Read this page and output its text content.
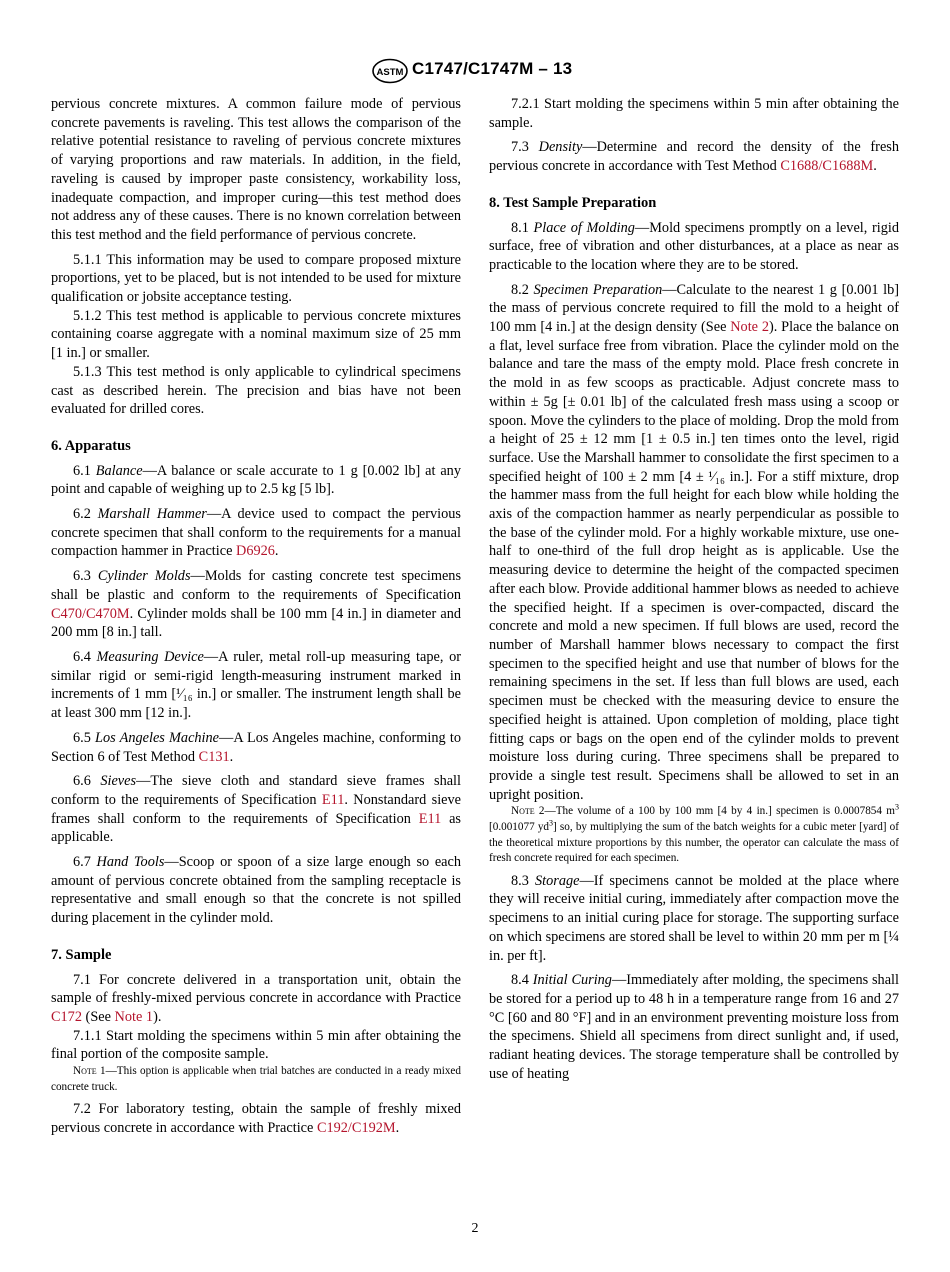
ASTM C1747/C1747M – 13

pervious concrete mixtures. A common failure mode of pervious concrete pavements is raveling. This test allows the comparison of the relative potential resistance to raveling of pervious concrete mixtures of varying proportions and raw materials. In addition, in the field, raveling is caused by improper paste consistency, workability loss, inadequate compaction, and improper curing—this test method does not address any of these causes. There is no known correlation between this test method and the field performance of pervious concrete.

5.1.1 This information may be used to compare proposed mixture proportions, yet to be placed, but is not intended to be used for mixture qualification or jobsite acceptance testing.

5.1.2 This test method is applicable to pervious concrete mixtures containing coarse aggregate with a nominal maximum size of 25 mm [1 in.] or smaller.

5.1.3 This test method is only applicable to cylindrical specimens cast as described herein. The precision and bias have not been evaluated for drilled cores.

6. Apparatus

6.1 Balance—A balance or scale accurate to 1 g [0.002 lb] at any point and capable of weighing up to 2.5 kg [5 lb].

6.2 Marshall Hammer—A device used to compact the pervious concrete specimen that shall conform to the requirements for a manual compaction hammer in Practice D6926.

6.3 Cylinder Molds—Molds for casting concrete test specimens shall be plastic and conform to the requirements of Specification C470/C470M. Cylinder molds shall be 100 mm [4 in.] in diameter and 200 mm [8 in.] tall.

6.4 Measuring Device—A ruler, metal roll-up measuring tape, or similar rigid or semi-rigid length-measuring instrument marked in increments of 1 mm [¹⁄₁₆ in.] or smaller. The instrument length shall be at least 300 mm [12 in.].

6.5 Los Angeles Machine—A Los Angeles machine, conforming to Section 6 of Test Method C131.

6.6 Sieves—The sieve cloth and standard sieve frames shall conform to the requirements of Specification E11. Nonstandard sieve frames shall conform to the requirements of Specification E11 as applicable.

6.7 Hand Tools—Scoop or spoon of a size large enough so each amount of pervious concrete obtained from the sampling receptacle is representative and small enough so that the concrete is not spilled during placement in the cylinder mold.

7. Sample

7.1 For concrete delivered in a transportation unit, obtain the sample of freshly-mixed pervious concrete in accordance with Practice C172 (See Note 1).

7.1.1 Start molding the specimens within 5 min after obtaining the final portion of the composite sample.

Note 1—This option is applicable when trial batches are conducted in a ready mixed concrete truck.

7.2 For laboratory testing, obtain the sample of freshly mixed pervious concrete in accordance with Practice C192/C192M.

7.2.1 Start molding the specimens within 5 min after obtaining the sample.

7.3 Density—Determine and record the density of the fresh pervious concrete in accordance with Test Method C1688/C1688M.

8. Test Sample Preparation

8.1 Place of Molding—Mold specimens promptly on a level, rigid surface, free of vibration and other disturbances, at a place as near as practicable to the location where they are to be stored.

8.2 Specimen Preparation—Calculate to the nearest 1 g [0.001 lb] the mass of pervious concrete required to fill the mold to a height of 100 mm [4 in.] at the design density (See Note 2). Place the balance on a flat, level surface free from vibration. Place the cylinder mold on the balance and tare the mass of the empty mold. Place fresh concrete in the mold in as few scoops as practicable. Adjust concrete mass to within ± 5g [± 0.01 lb] of the calculated fresh mass using a scoop or spoon. Move the cylinders to the place of molding. Drop the mold from a height of 25 ± 12 mm [1 ± 0.5 in.] ten times onto the level, rigid surface. Use the Marshall hammer to consolidate the first specimen to a specified height of 100 ± 2 mm [4 ± ¹⁄₁₆ in.]. For a stiff mixture, drop the hammer mass from the full height for each blow while holding the axis of the compaction hammer as nearly perpendicular as possible to the base of the cylinder mold. For a highly workable mixture, use one-half to one-third of the full drop height as is applicable. Use the measuring device to determine the height of the compacted specimen after each blow. Provide additional hammer blows as needed to achieve the specified height. If a specimen is over-compacted, discard the concrete and mold a new specimen. If full blows are used, record the number of Marshall hammer blows necessary to compact the first specimen to the specified height and use that number of blows for the remaining specimens in the set. If less than full blows are used, each specimen must be checked with the measuring device to ensure the specified height is attained. Upon completion of molding, place tight fitting caps or bags on the open end of the cylinder molds to prevent moisture loss during curing. Three specimens shall be prepared to provide a single test result. Specimens shall be allowed to set in an upright position.

Note 2—The volume of a 100 by 100 mm [4 by 4 in.] specimen is 0.0007854 $m^3$ [0.001077 $yd^3$] so, by multiplying the sum of the batch weights for a cubic meter [yard] of the theoretical mixture proportions by this number, the operator can calculate the mass of fresh concrete required for each specimen.

8.3 Storage—If specimens cannot be molded at the place where they will receive initial curing, immediately after compaction move the specimens to an initial curing place for storage. The supporting surface on which specimens are stored shall be level to within 20 mm per m [¼ in. per ft].

8.4 Initial Curing—Immediately after molding, the specimens shall be stored for a period up to 48 h in a temperature range from 16 and 27 °C [60 and 80 °F] and in an environment preventing moisture loss from the specimens. Shield all specimens from direct sunlight and, if used, radiant heating devices. The storage temperature shall be controlled by use of heating

2
